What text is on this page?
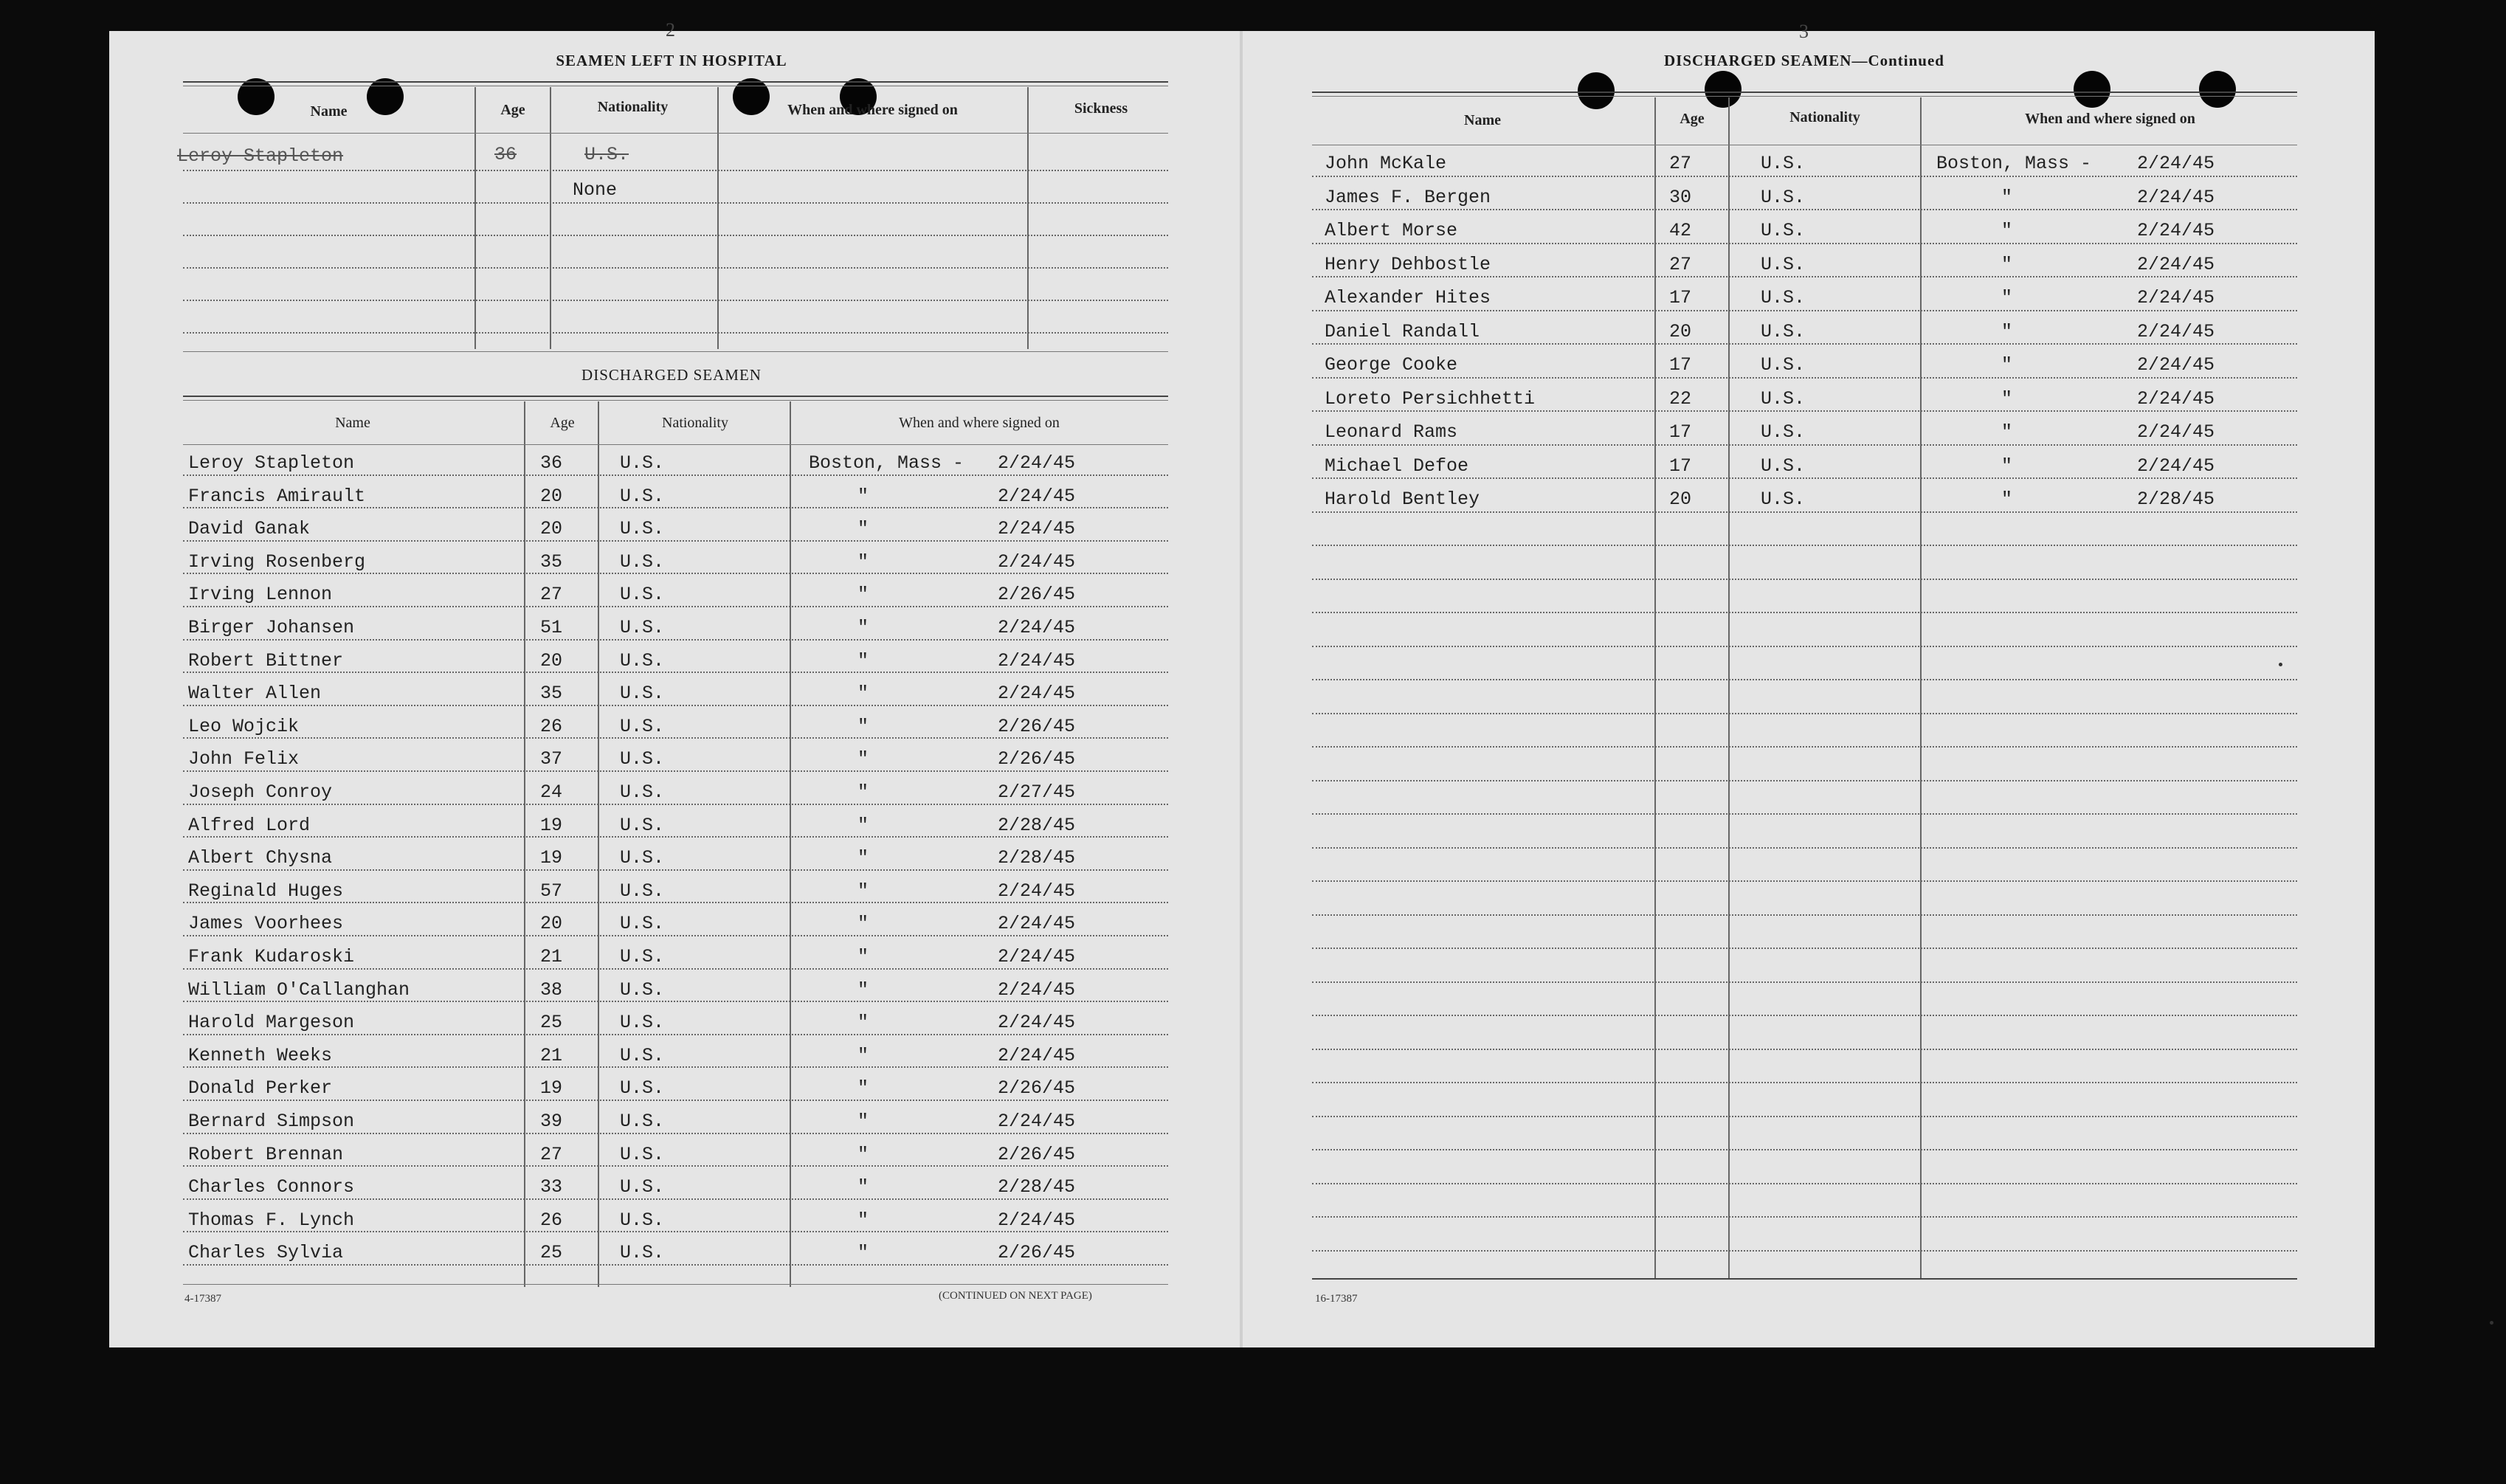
2
SEAMEN LEFT IN HOSPITAL
Name	Age	Nationality	When and where signed on	Sickness
Leroy Stapleton	36	U.S.
None
DISCHARGED SEAMEN
Name	Age	Nationality	When and where signed on
Leroy Stapleton	36	U.S.	Boston, Mass - 2/24/45
Francis Amirault	20	U.S.	"	2/24/45
David Ganak	20	U.S.	"	2/24/45
Irving Rosenberg	35	U.S.	"	2/24/45
Irving Lennon	27	U.S.	"	2/26/45
Birger Johansen	51	U.S.	"	2/24/45
Robert Bittner	20	U.S.	"	2/24/45
Walter Allen	35	U.S.	"	2/24/45
Leo Wojcik	26	U.S.	"	2/26/45
John Felix	37	U.S.	"	2/26/45
Joseph Conroy	24	U.S.	"	2/27/45
Alfred Lord	19	U.S.	"	2/28/45
Albert Chysna	19	U.S.	"	2/28/45
Reginald Huges	57	U.S.	"	2/24/45
James Voorhees	20	U.S.	"	2/24/45
Frank Kudaroski	21	U.S.	"	2/24/45
William O'Callanghan	38	U.S.	"	2/24/45
Harold Margeson	25	U.S.	"	2/24/45
Kenneth Weeks	21	U.S.	"	2/24/45
Donald Perker	19	U.S.	"	2/26/45
Bernard Simpson	39	U.S.	"	2/24/45
Robert Brennan	27	U.S.	"	2/26/45
Charles Connors	33	U.S.	"	2/28/45
Thomas F. Lynch	26	U.S.	"	2/24/45
Charles Sylvia	25	U.S.	"	2/26/45
4-17387	(CONTINUED ON NEXT PAGE)
3
DISCHARGED SEAMEN—Continued
Name	Age	Nationality	When and where signed on
John McKale	27	U.S.	Boston, Mass - 2/24/45
James F. Bergen	30	U.S.	"	2/24/45
Albert Morse	42	U.S.	"	2/24/45
Henry Dehbostle	27	U.S.	"	2/24/45
Alexander Hites	17	U.S.	"	2/24/45
Daniel Randall	20	U.S.	"	2/24/45
George Cooke	17	U.S.	"	2/24/45
Loreto Persichhetti	22	U.S.	"	2/24/45
Leonard Rams	17	U.S.	"	2/24/45
Michael Defoe	17	U.S.	"	2/24/45
Harold Bentley	20	U.S.	"	2/28/45
16-17387
